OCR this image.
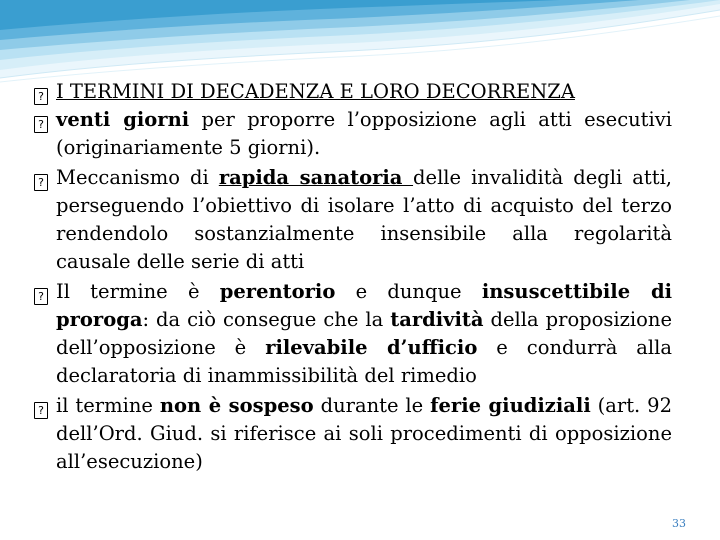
? I TERMINI DI DECADENZA E LORO DECORRENZA

? venti giorni per proporre l’opposizione agli atti esecutivi (originariamente 5 giorni).

? Meccanismo di rapida sanatoria delle invalidità degli atti, perseguendo l’obiettivo di isolare l’atto di acquisto del terzo rendendolo sostanzialmente insensibile alla regolarità causale delle serie di atti

? Il termine è perentorio e dunque insuscettibile di proroga: da ciò consegue che la tardività della proposizione dell’opposizione è rilevabile d’ufficio e condurrà alla declaratoria di inammissibilità del rimedio

? il termine non è sospeso durante le ferie giudiziali (art. 92 dell’Ord. Giud. si riferisce ai soli procedimenti di opposizione all’esecuzione)

33
